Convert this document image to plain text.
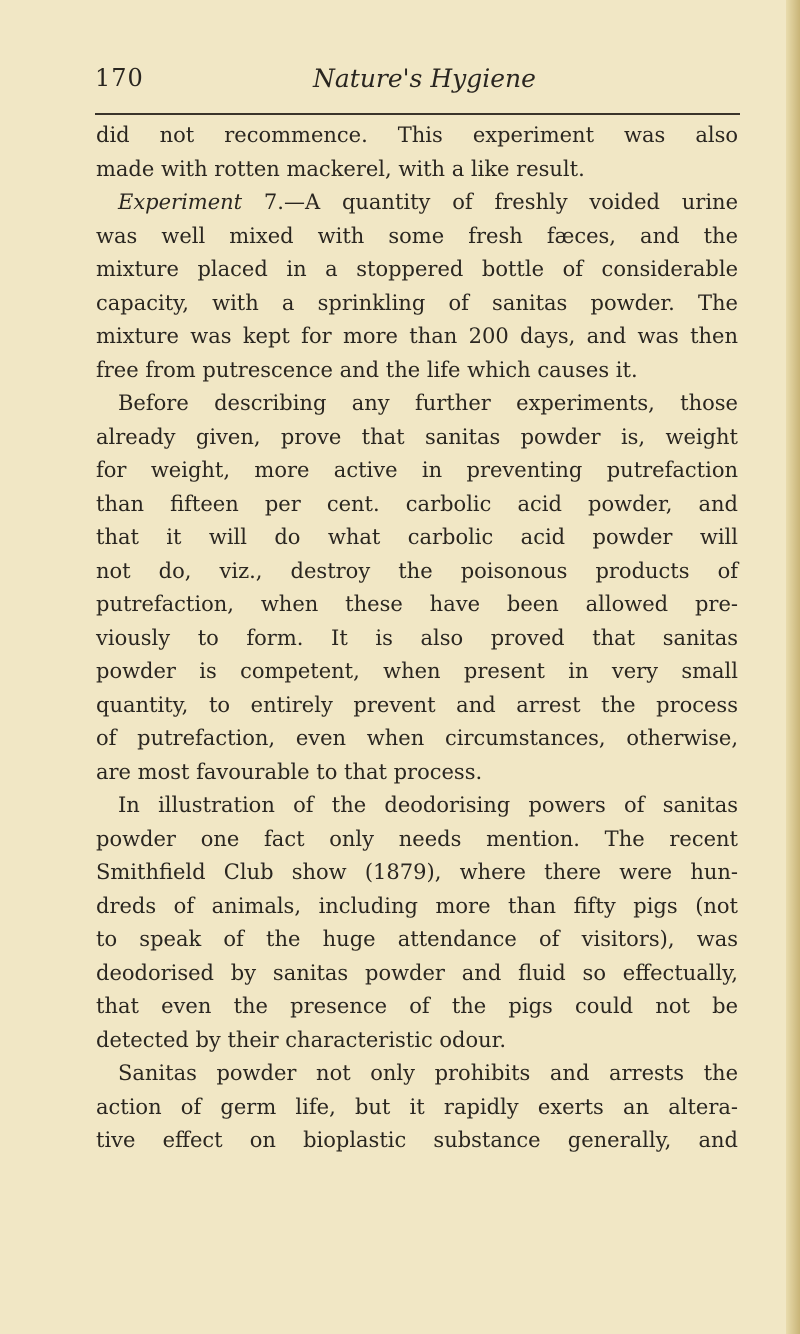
170	Nature's Hygiene
did not recommence. This experiment was also
made with rotten mackerel, with a like result.
Experiment 7.—A quantity of freshly voided urine
was well mixed with some fresh fæces, and the
mixture placed in a stoppered bottle of considerable
capacity, with a sprinkling of sanitas powder. The
mixture was kept for more than 200 days, and was then
free from putrescence and the life which causes it.
Before describing any further experiments, those
already given, prove that sanitas powder is, weight
for weight, more active in preventing putrefaction
than fifteen per cent. carbolic acid powder, and
that it will do what carbolic acid powder will
not do, viz., destroy the poisonous products of
putrefaction, when these have been allowed pre-
viously to form. It is also proved that sanitas
powder is competent, when present in very small
quantity, to entirely prevent and arrest the process
of putrefaction, even when circumstances, otherwise,
are most favourable to that process.
In illustration of the deodorising powers of sanitas
powder one fact only needs mention. The recent
Smithfield Club show (1879), where there were hun-
dreds of animals, including more than fifty pigs (not
to speak of the huge attendance of visitors), was
deodorised by sanitas powder and fluid so effectually,
that even the presence of the pigs could not be
detected by their characteristic odour.
Sanitas powder not only prohibits and arrests the
action of germ life, but it rapidly exerts an altera-
tive effect on bioplastic substance generally, and
